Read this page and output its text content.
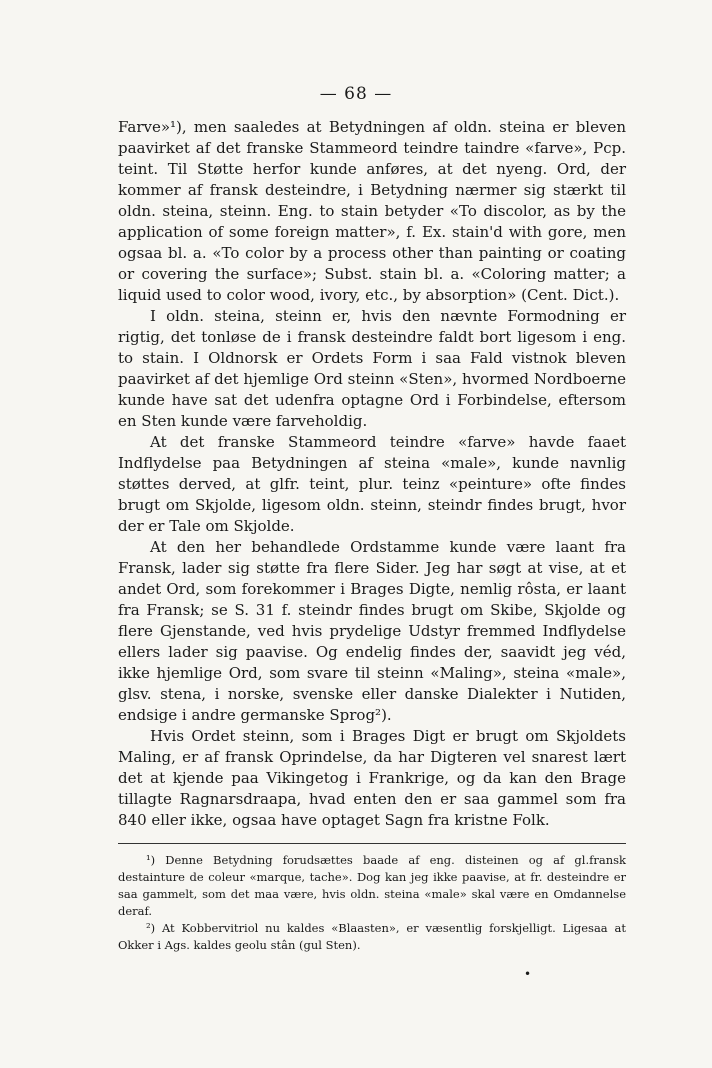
— 68 —

Farve»¹), men saaledes at Betydningen af oldn. steina er bleven paavirket af det franske Stammeord teindre taindre «farve», Pcp. teint. Til Støtte herfor kunde anføres, at det nyeng. Ord, der kommer af fransk desteindre, i Betydning nærmer sig stærkt til oldn. steina, steinn. Eng. to stain betyder «To discolor, as by the application of some foreign matter», f. Ex. stain'd with gore, men ogsaa bl. a. «To color by a process other than painting or coating or covering the surface»; Subst. stain bl. a. «Coloring matter; a liquid used to color wood, ivory, etc., by absorption» (Cent. Dict.).

I oldn. steina, steinn er, hvis den nævnte Formodning er rigtig, det tonløse de i fransk desteindre faldt bort ligesom i eng. to stain. I Oldnorsk er Ordets Form i saa Fald vistnok bleven paavirket af det hjemlige Ord steinn «Sten», hvormed Nordboerne kunde have sat det udenfra optagne Ord i Forbindelse, eftersom en Sten kunde være farveholdig.

At det franske Stammeord teindre «farve» havde faaet Indflydelse paa Betydningen af steina «male», kunde navnlig støttes derved, at glfr. teint, plur. teinz «peinture» ofte findes brugt om Skjolde, ligesom oldn. steinn, steindr findes brugt, hvor der er Tale om Skjolde.

At den her behandlede Ordstamme kunde være laant fra Fransk, lader sig støtte fra flere Sider. Jeg har søgt at vise, at et andet Ord, som forekommer i Brages Digte, nemlig rôsta, er laant fra Fransk; se S. 31 f. steindr findes brugt om Skibe, Skjolde og flere Gjenstande, ved hvis prydelige Udstyr fremmed Indflydelse ellers lader sig paavise. Og endelig findes der, saavidt jeg véd, ikke hjemlige Ord, som svare til steinn «Maling», steina «male», glsv. stena, i norske, svenske eller danske Dialekter i Nutiden, endsige i andre germanske Sprog²).

Hvis Ordet steinn, som i Brages Digt er brugt om Skjoldets Maling, er af fransk Oprindelse, da har Digteren vel snarest lært det at kjende paa Vikingetog i Frankrige, og da kan den Brage tillagte Ragnarsdraapa, hvad enten den er saa gammel som fra 840 eller ikke, ogsaa have optaget Sagn fra kristne Folk.

¹) Denne Betydning forudsættes baade af eng. disteinen og af gl.fransk destainture de coleur «marque, tache». Dog kan jeg ikke paavise, at fr. desteindre er saa gammelt, som det maa være, hvis oldn. steina «male» skal være en Omdannelse deraf.

²) At Kobbervitriol nu kaldes «Blaasten», er væsentlig forskjelligt. Ligesaa at Okker i Ags. kaldes geolu stân (gul Sten).

•
